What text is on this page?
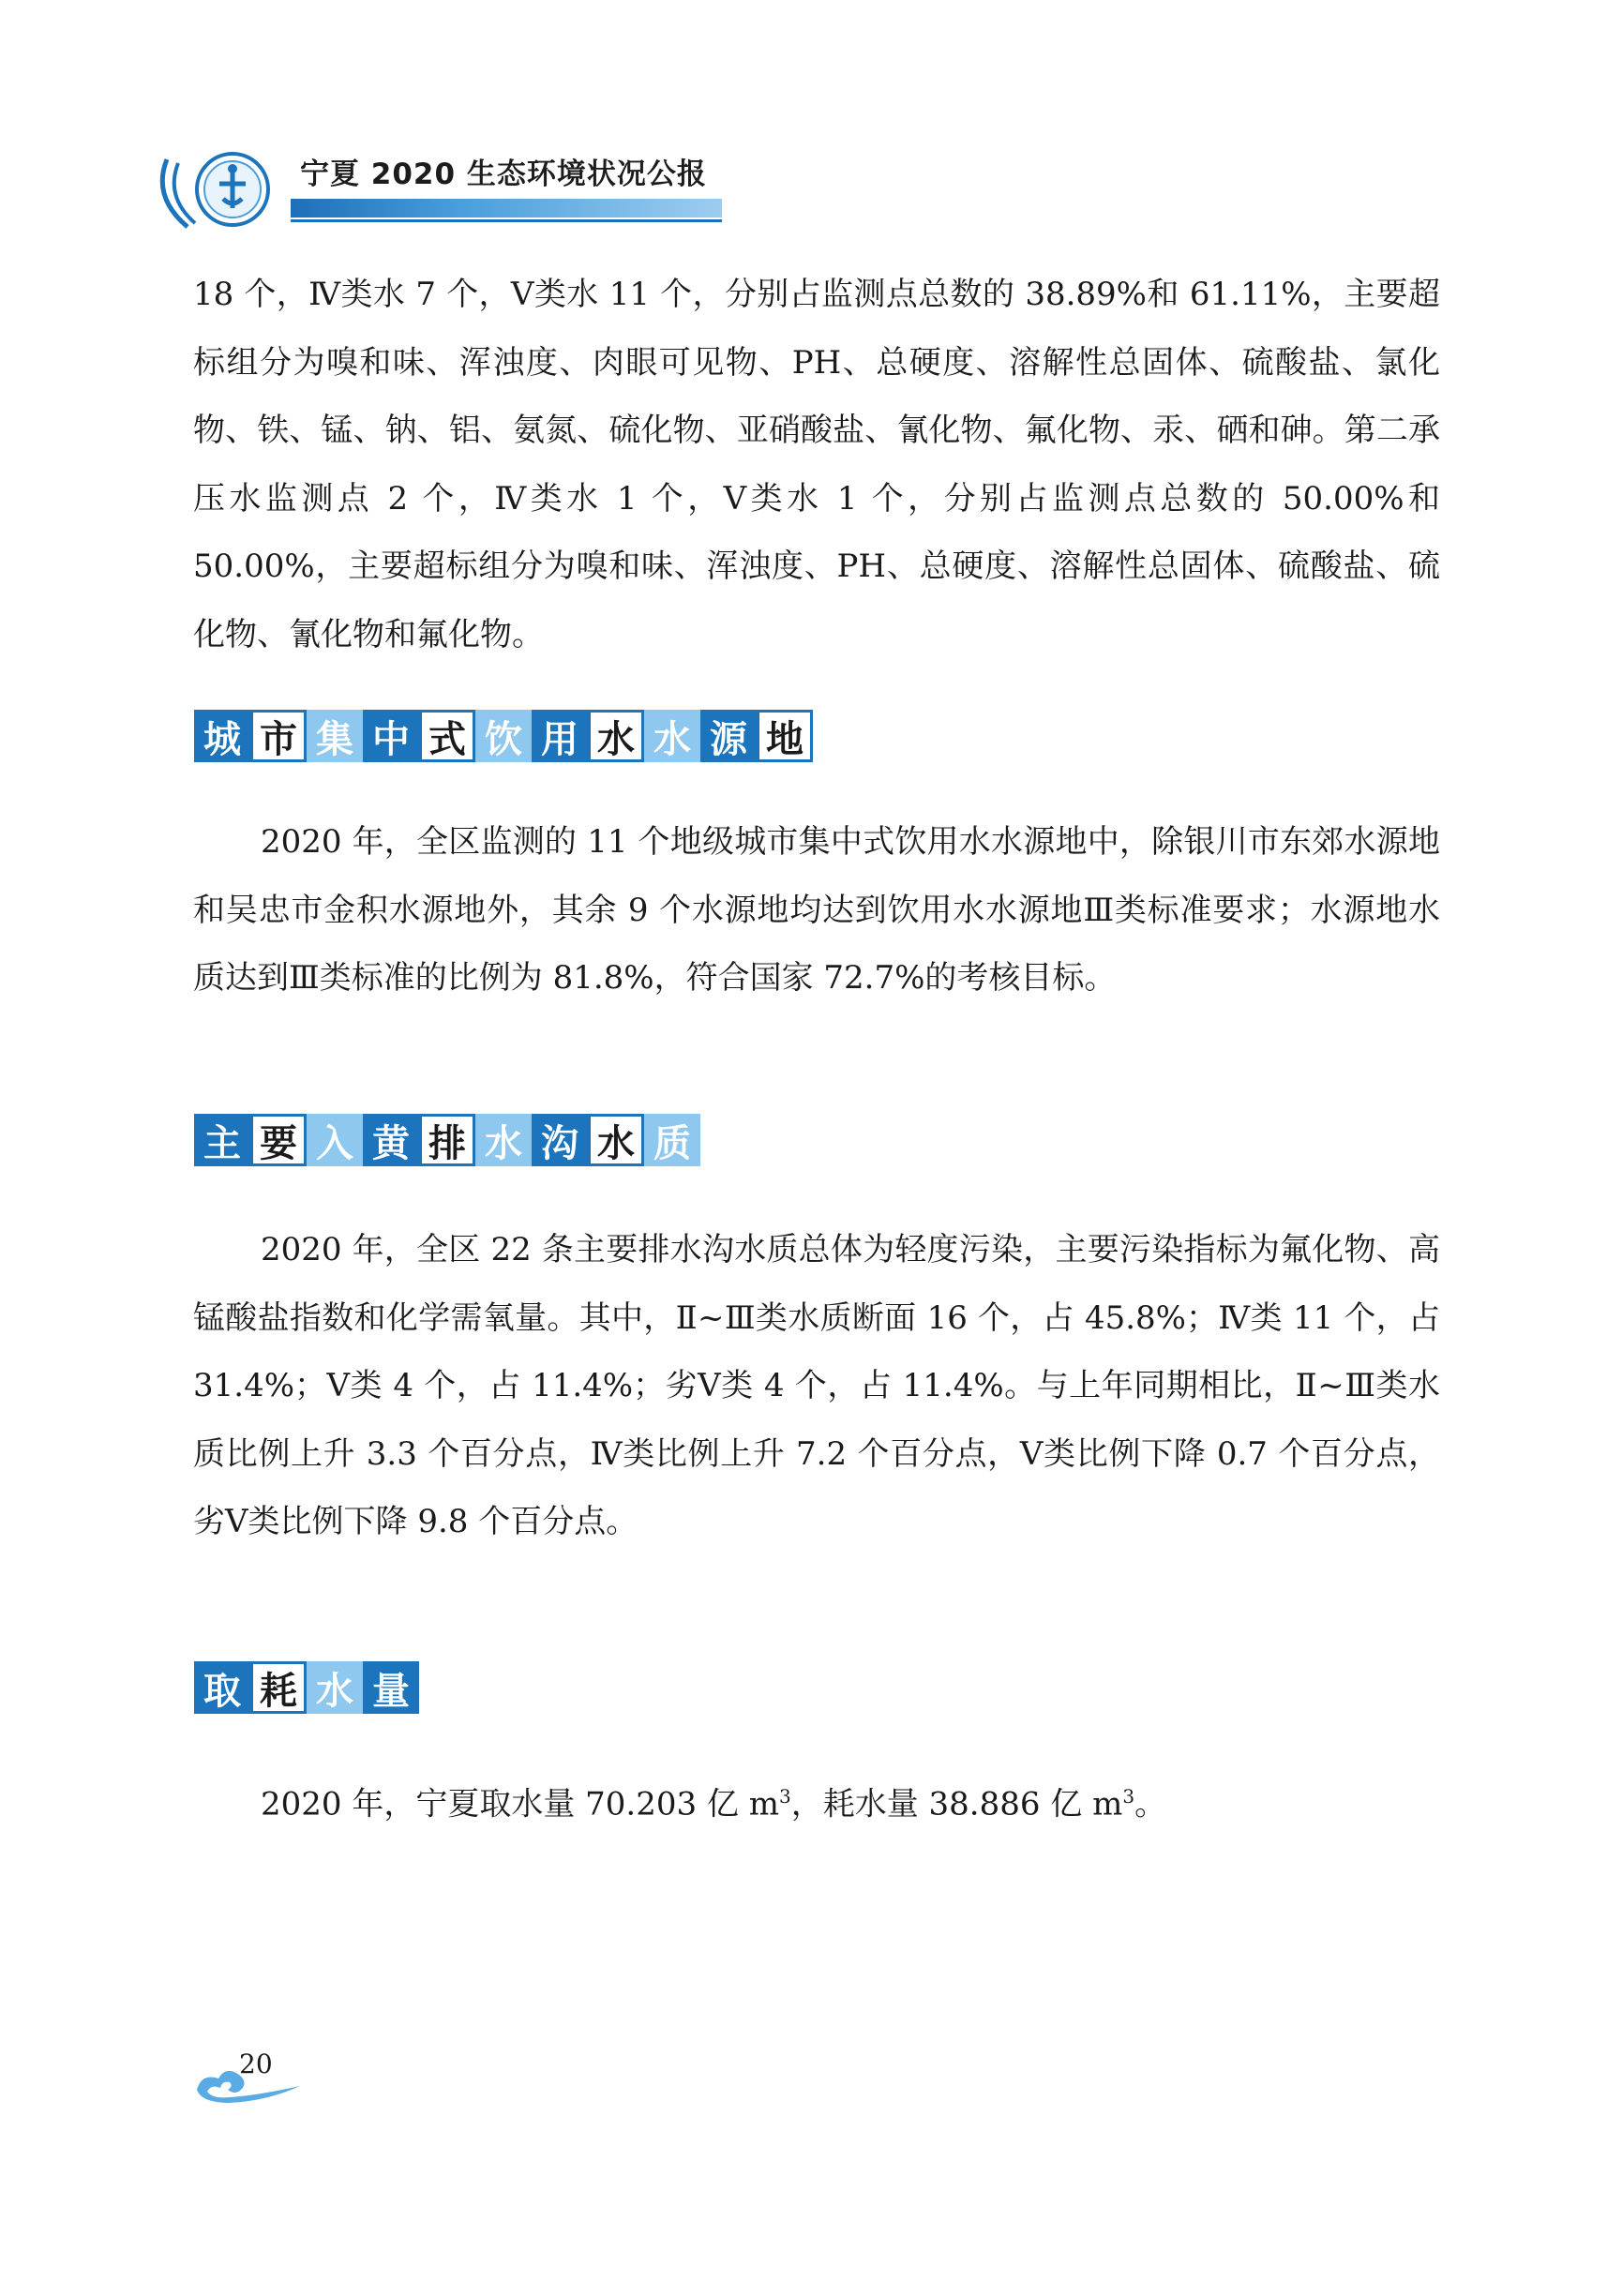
宁夏 2020 生态环境状况公报

18 个，Ⅳ类水 7 个，Ⅴ类水 11 个，分别占监测点总数的 38.89%和 61.11%，主要超标组分为嗅和味、浑浊度、肉眼可见物、PH、总硬度、溶解性总固体、硫酸盐、氯化物、铁、锰、钠、铝、氨氮、硫化物、亚硝酸盐、氰化物、氟化物、汞、硒和砷。第二承压水监测点 2 个，Ⅳ类水 1 个，Ⅴ类水 1 个，分别占监测点总数的 50.00%和 50.00%，主要超标组分为嗅和味、浑浊度、PH、总硬度、溶解性总固体、硫酸盐、硫化物、氰化物和氟化物。

城 市 集 中 式 饮 用 水 水 源 地

2020 年，全区监测的 11 个地级城市集中式饮用水水源地中，除银川市东郊水源地和吴忠市金积水源地外，其余 9 个水源地均达到饮用水水源地Ⅲ类标准要求；水源地水质达到Ⅲ类标准的比例为 81.8%，符合国家 72.7%的考核目标。

主 要 入 黄 排 水 沟 水 质

2020 年，全区 22 条主要排水沟水质总体为轻度污染，主要污染指标为氟化物、高锰酸盐指数和化学需氧量。其中，Ⅱ~Ⅲ类水质断面 16 个，占 45.8%；Ⅳ类 11 个，占 31.4%；Ⅴ类 4 个，占 11.4%；劣Ⅴ类 4 个，占 11.4%。与上年同期相比，Ⅱ~Ⅲ类水质比例上升 3.3 个百分点，Ⅳ类比例上升 7.2 个百分点，Ⅴ类比例下降 0.7 个百分点，劣Ⅴ类比例下降 9.8 个百分点。

取 耗 水 量

2020 年，宁夏取水量 70.203 亿 $m^3$，耗水量 38.886 亿 $m^3$。

20
